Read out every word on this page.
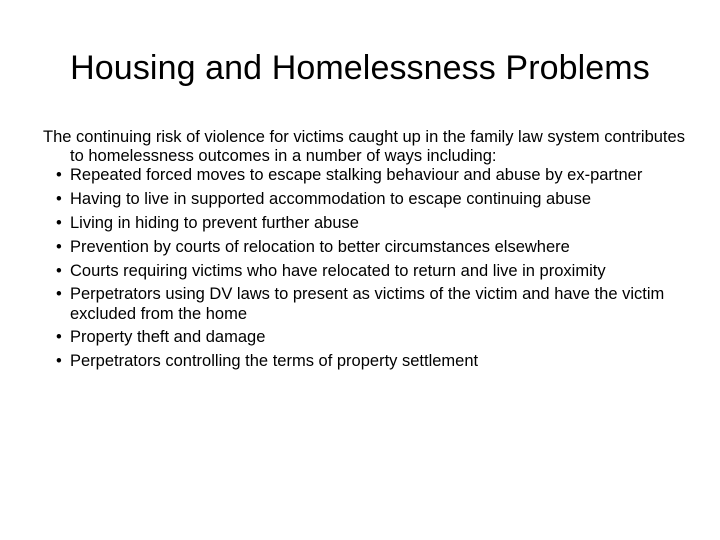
Housing and Homelessness Problems

The continuing risk of violence for victims caught up in the family law system contributes to homelessness outcomes in a number of ways including:

• Repeated forced moves to escape stalking behaviour and abuse by ex-partner
• Having to live in supported accommodation to escape continuing abuse
• Living in hiding to prevent further abuse
• Prevention by courts of relocation to better circumstances elsewhere
• Courts requiring victims who have relocated to return and live in proximity
• Perpetrators using DV laws to present as victims of the victim and have the victim excluded from the home
• Property theft and damage
• Perpetrators controlling the terms of property settlement
